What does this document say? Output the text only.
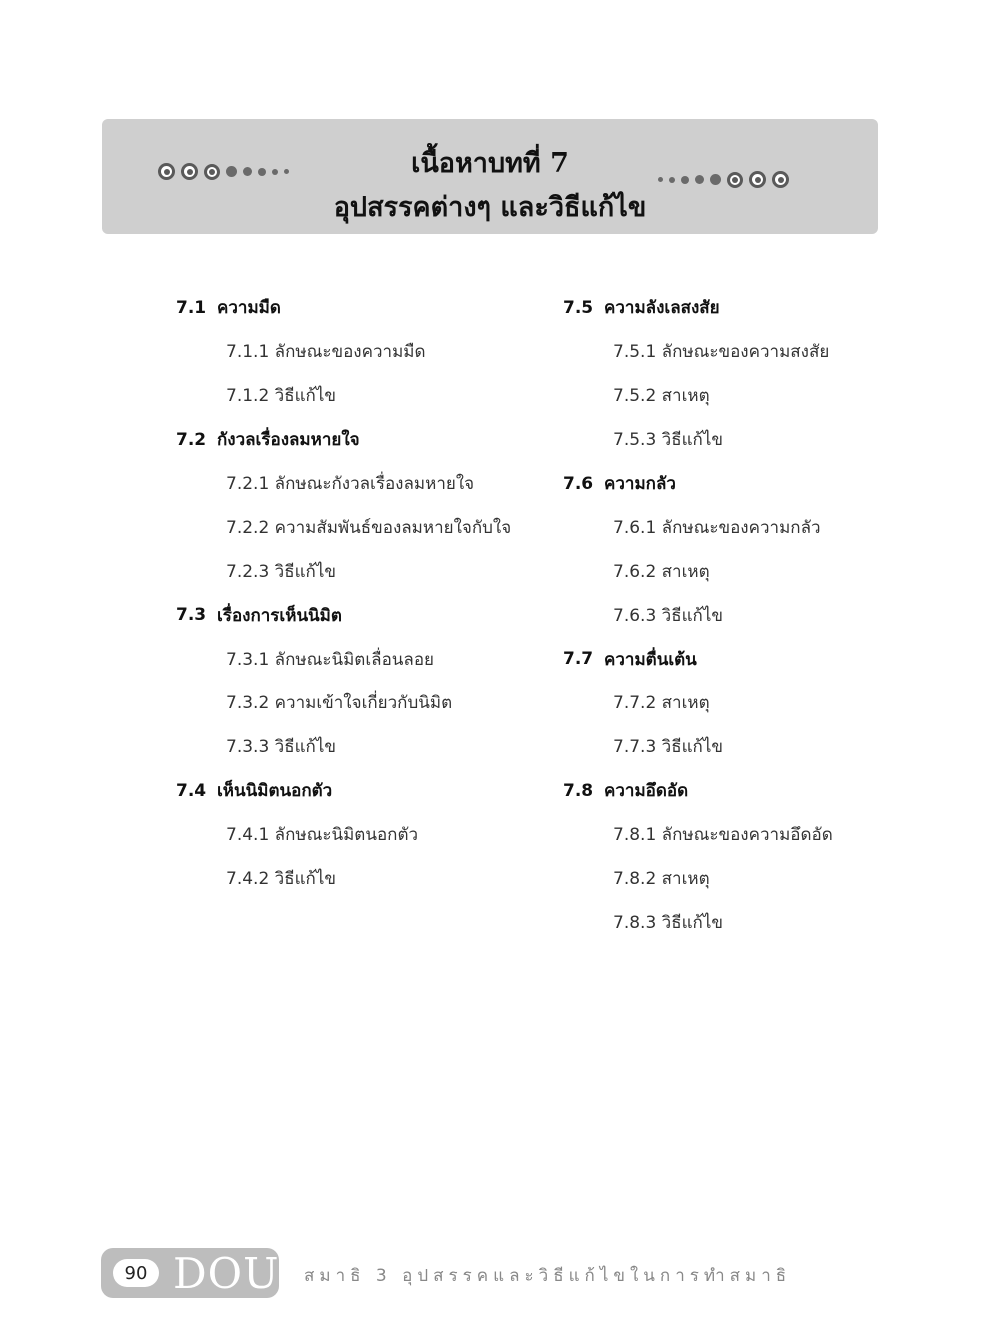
เนื้อหาบทที่ 7
อุปสรรคต่างๆ และวิธีแก้ไข
7.1 ความมืด
7.1.1 ลักษณะของความมืด
7.1.2 วิธีแก้ไข
7.2 กังวลเรื่องลมหายใจ
7.2.1 ลักษณะกังวลเรื่องลมหายใจ
7.2.2 ความสัมพันธ์ของลมหายใจกับใจ
7.2.3 วิธีแก้ไข
7.3 เรื่องการเห็นนิมิต
7.3.1 ลักษณะนิมิตเลื่อนลอย
7.3.2 ความเข้าใจเกี่ยวกับนิมิต
7.3.3 วิธีแก้ไข
7.4 เห็นนิมิตนอกตัว
7.4.1 ลักษณะนิมิตนอกตัว
7.4.2 วิธีแก้ไข
7.5 ความลังเลสงสัย
7.5.1 ลักษณะของความสงสัย
7.5.2 สาเหตุ
7.5.3 วิธีแก้ไข
7.6 ความกลัว
7.6.1 ลักษณะของความกลัว
7.6.2 สาเหตุ
7.6.3 วิธีแก้ไข
7.7 ความตื่นเต้น
7.7.2 สาเหตุ
7.7.3 วิธีแก้ไข
7.8 ความอึดอัด
7.8.1 ลักษณะของความอึดอัด
7.8.2 สาเหตุ
7.8.3 วิธีแก้ไข
90 DOU สมาธิ 3 อุปสรรคและวิธีแก้ไขในการทำสมาธิ
